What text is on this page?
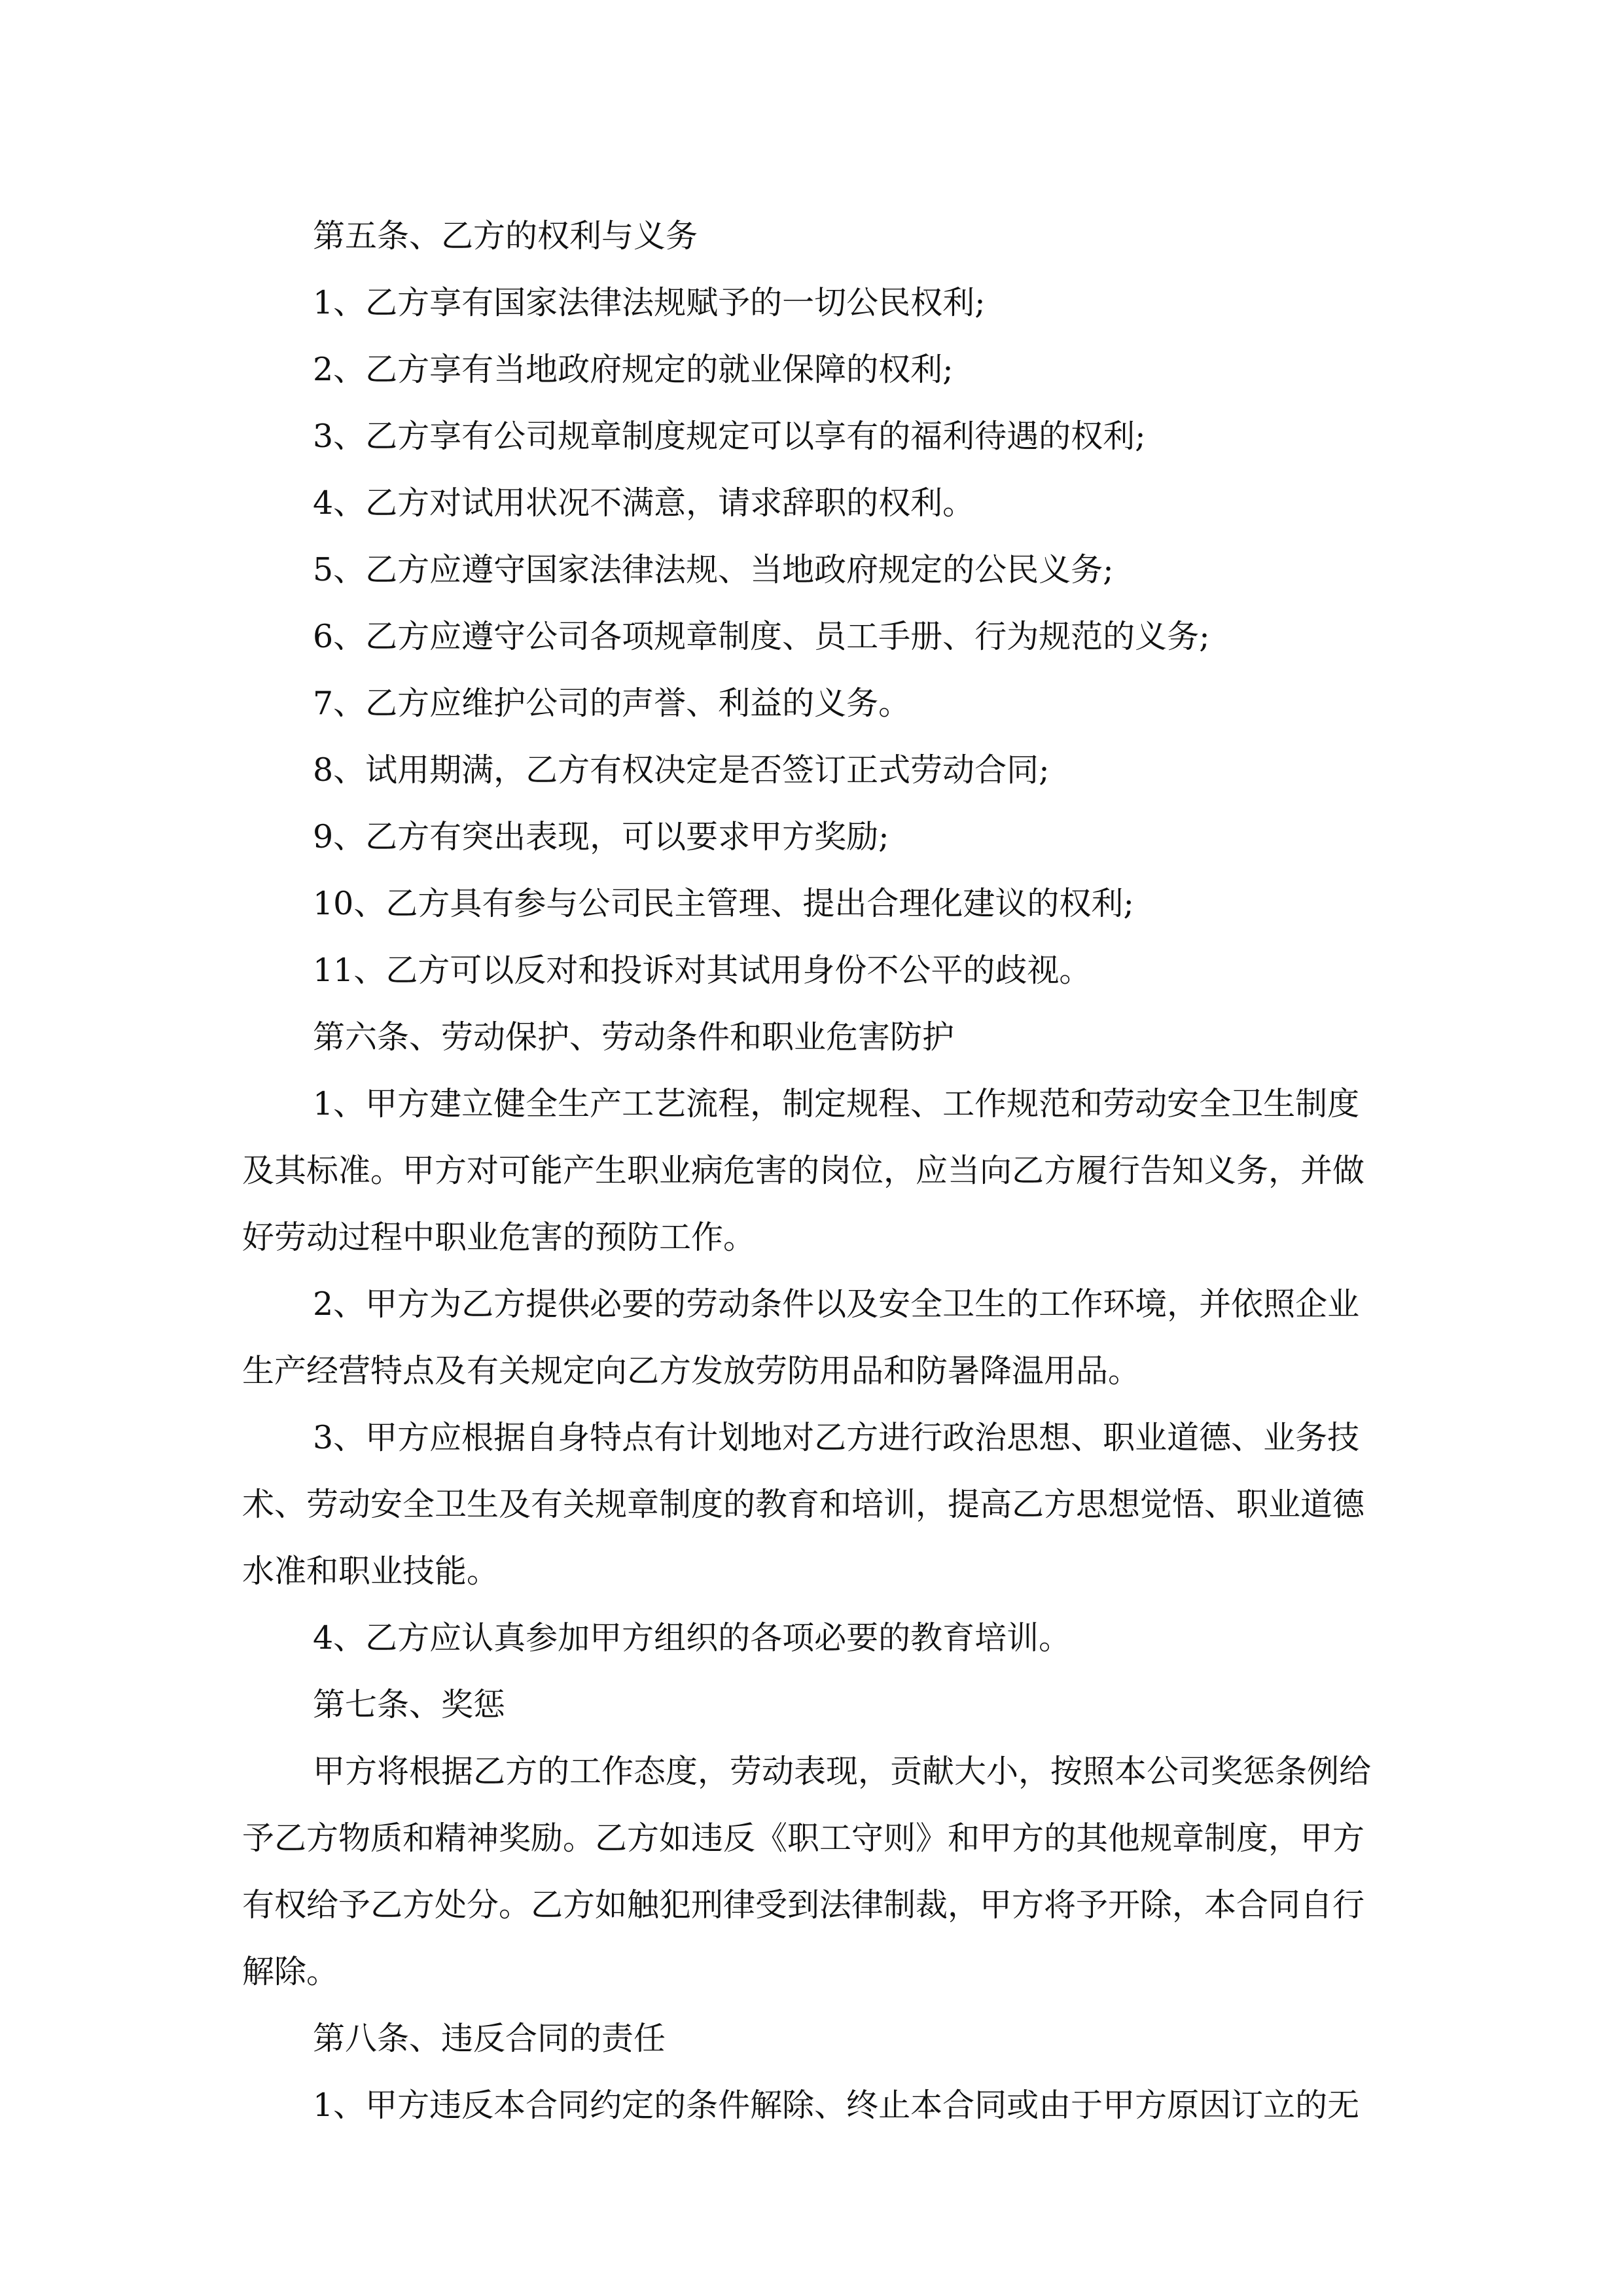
第五条、乙方的权利与义务

1、乙方享有国家法律法规赋予的一切公民权利;

2、乙方享有当地政府规定的就业保障的权利;

3、乙方享有公司规章制度规定可以享有的福利待遇的权利;

4、乙方对试用状况不满意，请求辞职的权利。

5、乙方应遵守国家法律法规、当地政府规定的公民义务;

6、乙方应遵守公司各项规章制度、员工手册、行为规范的义务;

7、乙方应维护公司的声誉、利益的义务。

8、试用期满，乙方有权决定是否签订正式劳动合同;

9、乙方有突出表现，可以要求甲方奖励;

10、乙方具有参与公司民主管理、提出合理化建议的权利;

11、乙方可以反对和投诉对其试用身份不公平的歧视。

第六条、劳动保护、劳动条件和职业危害防护

1、甲方建立健全生产工艺流程，制定规程、工作规范和劳动安全卫生制度及其标准。甲方对可能产生职业病危害的岗位，应当向乙方履行告知义务，并做好劳动过程中职业危害的预防工作。

2、甲方为乙方提供必要的劳动条件以及安全卫生的工作环境，并依照企业生产经营特点及有关规定向乙方发放劳防用品和防暑降温用品。

3、甲方应根据自身特点有计划地对乙方进行政治思想、职业道德、业务技术、劳动安全卫生及有关规章制度的教育和培训，提高乙方思想觉悟、职业道德水准和职业技能。

4、乙方应认真参加甲方组织的各项必要的教育培训。

第七条、奖惩

甲方将根据乙方的工作态度，劳动表现，贡献大小，按照本公司奖惩条例给予乙方物质和精神奖励。乙方如违反《职工守则》和甲方的其他规章制度，甲方有权给予乙方处分。乙方如触犯刑律受到法律制裁，甲方将予开除，本合同自行解除。

第八条、违反合同的责任

1、甲方违反本合同约定的条件解除、终止本合同或由于甲方原因订立的无
